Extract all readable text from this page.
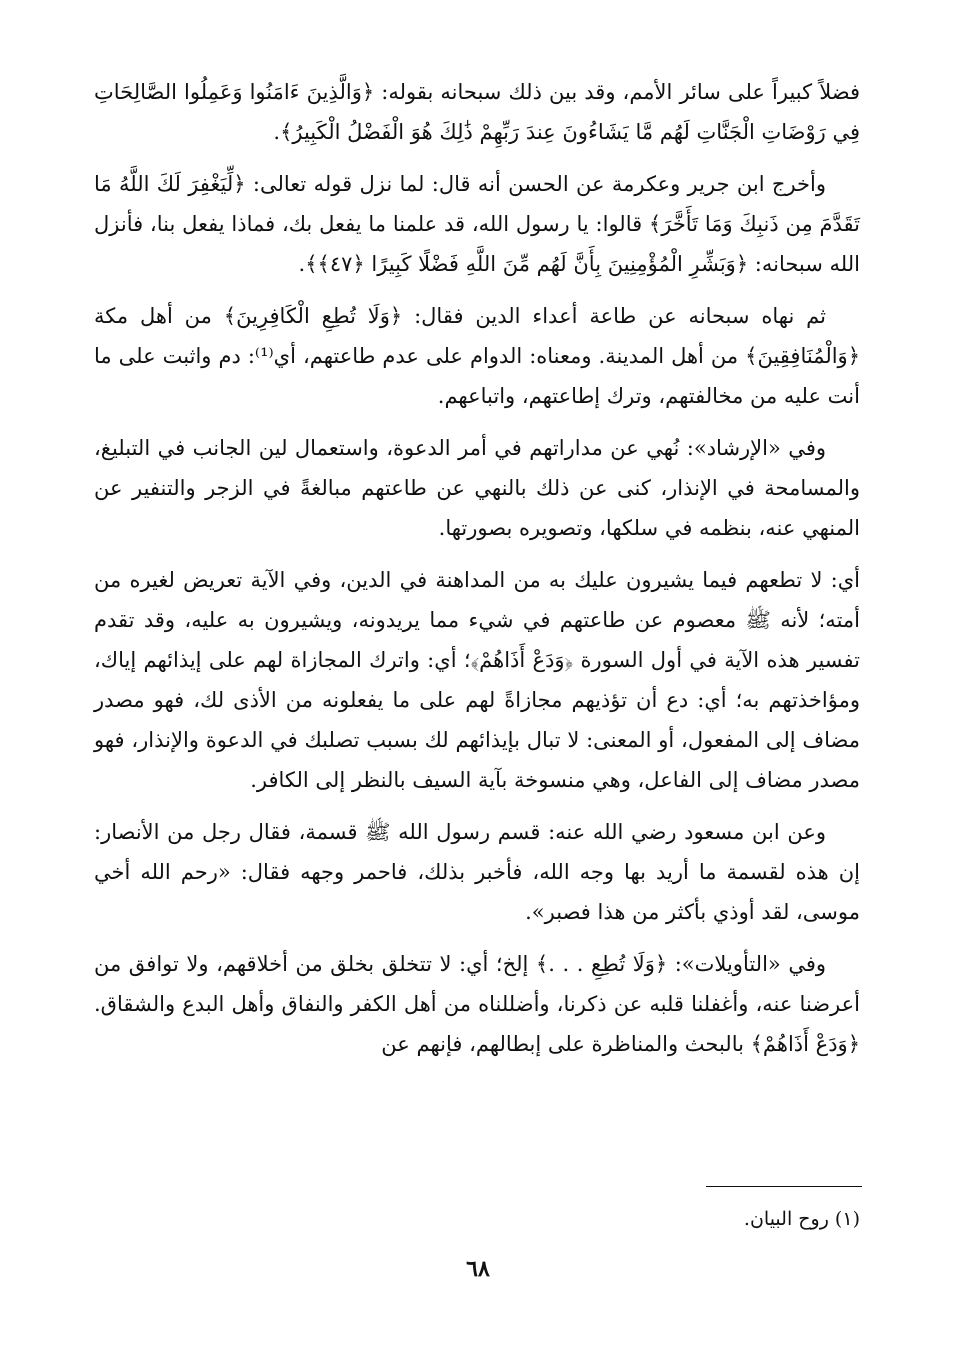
فضلاً كبيراً على سائر الأمم، وقد بين ذلك سبحانه بقوله: ﴿وَالَّذِينَ ءَامَنُوا وَعَمِلُوا الصَّالِحَاتِ فِي رَوْضَاتِ الْجَنَّاتِ لَهُم مَّا يَشَاءُونَ عِندَ رَبِّهِمْ ذَٰلِكَ هُوَ الْفَضْلُ الْكَبِيرُ﴾.

وأخرج ابن جرير وعكرمة عن الحسن أنه قال: لما نزل قوله تعالى: ﴿لِّيَغْفِرَ لَكَ اللَّهُ مَا تَقَدَّمَ مِن ذَنبِكَ وَمَا تَأَخَّرَ﴾ قالوا: يا رسول الله، قد علمنا ما يفعل بك، فماذا يفعل بنا، فأنزل الله سبحانه: ﴿وَبَشِّرِ الْمُؤْمِنِينَ بِأَنَّ لَهُم مِّنَ اللَّهِ فَضْلًا كَبِيرًا ﴿٤٧﴾﴾.

ثم نهاه سبحانه عن طاعة أعداء الدين فقال: ﴿وَلَا تُطِعِ الْكَافِرِينَ﴾ من أهل مكة ﴿وَالْمُنَافِقِينَ﴾ من أهل المدينة. ومعناه: الدوام على عدم طاعتهم، أي⁽¹⁾: دم واثبت على ما أنت عليه من مخالفتهم، وترك إطاعتهم، واتباعهم.

وفي «الإرشاد»: نُهي عن مداراتهم في أمر الدعوة، واستعمال لين الجانب في التبليغ، والمسامحة في الإنذار، كنى عن ذلك بالنهي عن طاعتهم مبالغةً في الزجر والتنفير عن المنهي عنه، بنظمه في سلكها، وتصويره بصورتها.

أي: لا تطعهم فيما يشيرون عليك به من المداهنة في الدين، وفي الآية تعريض لغيره من أمته؛ لأنه ﷺ معصوم عن طاعتهم في شيء مما يريدونه، ويشيرون به عليه، وقد تقدم تفسير هذه الآية في أول السورة ﴿وَدَعْ أَذَاهُمْ﴾؛ أي: واترك المجازاة لهم على إيذائهم إياك، ومؤاخذتهم به؛ أي: دع أن تؤذيهم مجازاةً لهم على ما يفعلونه من الأذى لك، فهو مصدر مضاف إلى المفعول، أو المعنى: لا تبال بإيذائهم لك بسبب تصلبك في الدعوة والإنذار، فهو مصدر مضاف إلى الفاعل، وهي منسوخة بآية السيف بالنظر إلى الكافر.

وعن ابن مسعود رضي الله عنه: قسم رسول الله ﷺ قسمة، فقال رجل من الأنصار: إن هذه لقسمة ما أريد بها وجه الله، فأخبر بذلك، فاحمر وجهه فقال: «رحم الله أخي موسى، لقد أوذي بأكثر من هذا فصبر».

وفي «التأويلات»: ﴿وَلَا تُطِعِ . . .﴾ إلخ؛ أي: لا تتخلق بخلق من أخلاقهم، ولا توافق من أعرضنا عنه، وأغفلنا قلبه عن ذكرنا، وأضللناه من أهل الكفر والنفاق وأهل البدع والشقاق. ﴿وَدَعْ أَذَاهُمْ﴾ بالبحث والمناظرة على إبطالهم، فإنهم عن

(١) روح البيان.
٦٨
